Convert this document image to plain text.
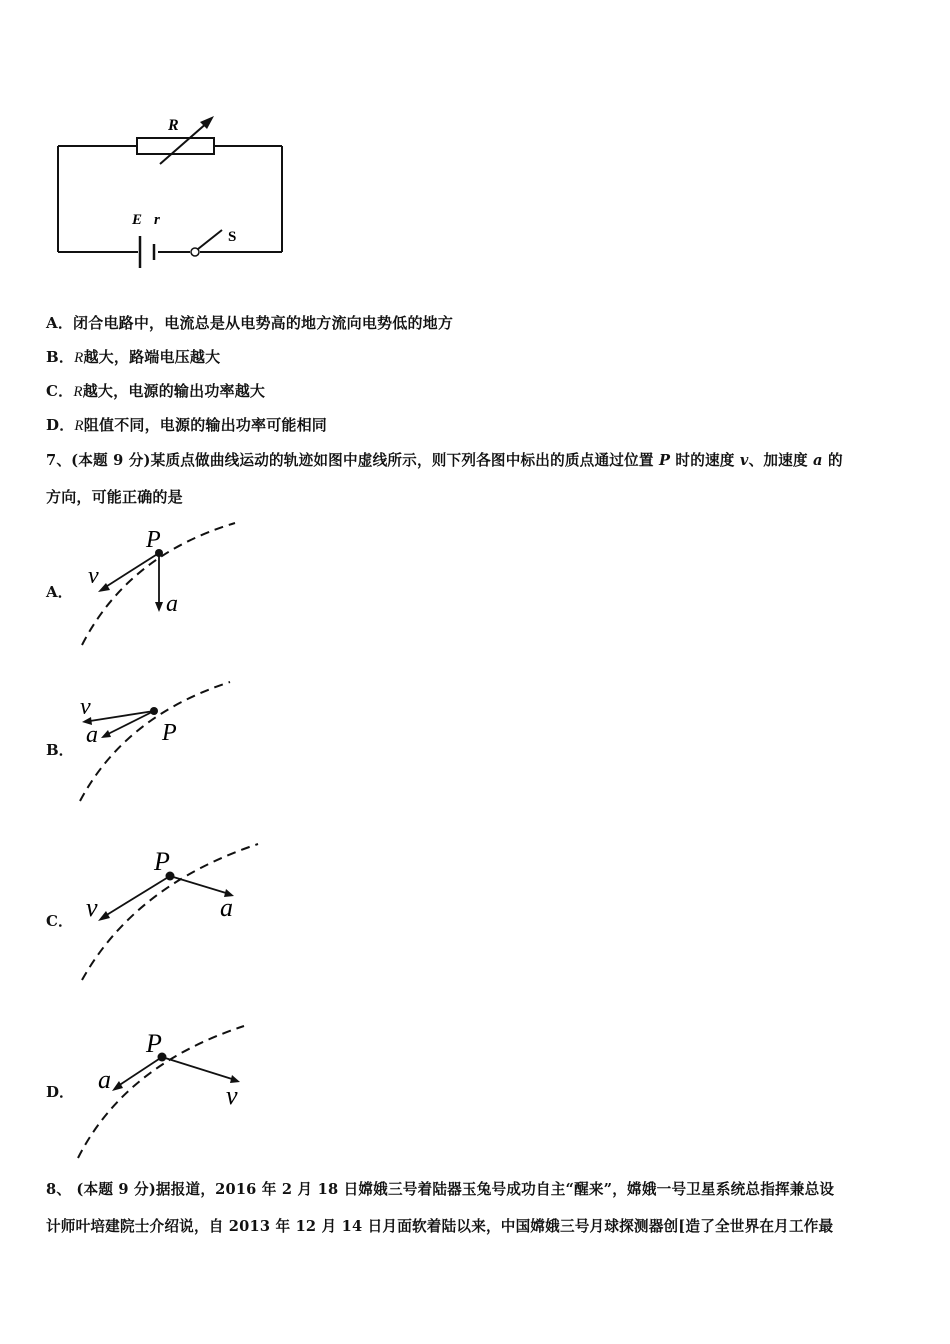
R
E r
S
A．闭合电路中，电流总是从电势高的地方流向电势低的地方
B．R越大，路端电压越大
C．R越大，电源的输出功率越大
D．R阻值不同，电源的输出功率可能相同
7、(本题 9 分)某质点做曲线运动的轨迹如图中虚线所示，则下列各图中标出的质点通过位置 P 时的速度 v、加速度 a 的
方向，可能正确的是
A．
P
v
a
B．
v
a	P
C．
P
v	a
D．
P
a
v
8、 (本题 9 分)据报道，2016 年 2 月 18 日嫦娥三号着陆器玉兔号成功自主“醒来”，嫦娥一号卫星系统总指挥兼总设
计师叶培建院士介绍说，自 2013 年 12 月 14 日月面软着陆以来，中国嫦娥三号月球探测器创[造了全世界在月工作最
